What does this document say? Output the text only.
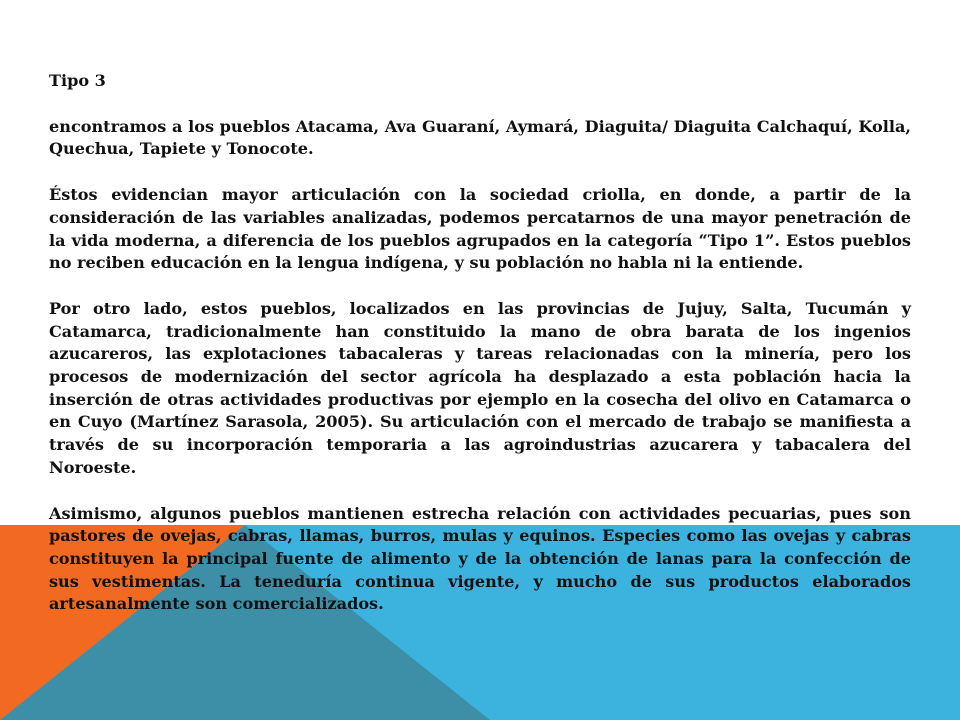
Tipo 3

encontramos a los pueblos Atacama, Ava Guaraní, Aymará, Diaguita/ Diaguita Calchaquí, Kolla, Quechua, Tapiete y Tonocote.

Éstos evidencian mayor articulación con la sociedad criolla, en donde, a partir de la consideración de las variables analizadas, podemos percatarnos de una mayor penetración de la vida moderna, a diferencia de los pueblos agrupados en la categoría “Tipo 1”. Estos pueblos no reciben educación en la lengua indígena, y su población no habla ni la entiende.

Por otro lado, estos pueblos, localizados en las provincias de Jujuy, Salta, Tucumán y Catamarca, tradicionalmente han constituido la mano de obra barata de los ingenios azucareros, las explotaciones tabacaleras y tareas relacionadas con la minería, pero los procesos de modernización del sector agrícola ha desplazado a esta población hacia la inserción de otras actividades productivas por ejemplo en la cosecha del olivo en Catamarca o en Cuyo (Martínez Sarasola, 2005). Su articulación con el mercado de trabajo se manifiesta a través de su incorporación temporaria a las agroindustrias azucarera y tabacalera del Noroeste.

Asimismo, algunos pueblos mantienen estrecha relación con actividades pecuarias, pues son pastores de ovejas, cabras, llamas, burros, mulas y equinos. Especies como las ovejas y cabras constituyen la principal fuente de alimento y de la obtención de lanas para la confección de sus vestimentas. La teneduría continua vigente, y mucho de sus productos elaborados artesanalmente son comercializados.
